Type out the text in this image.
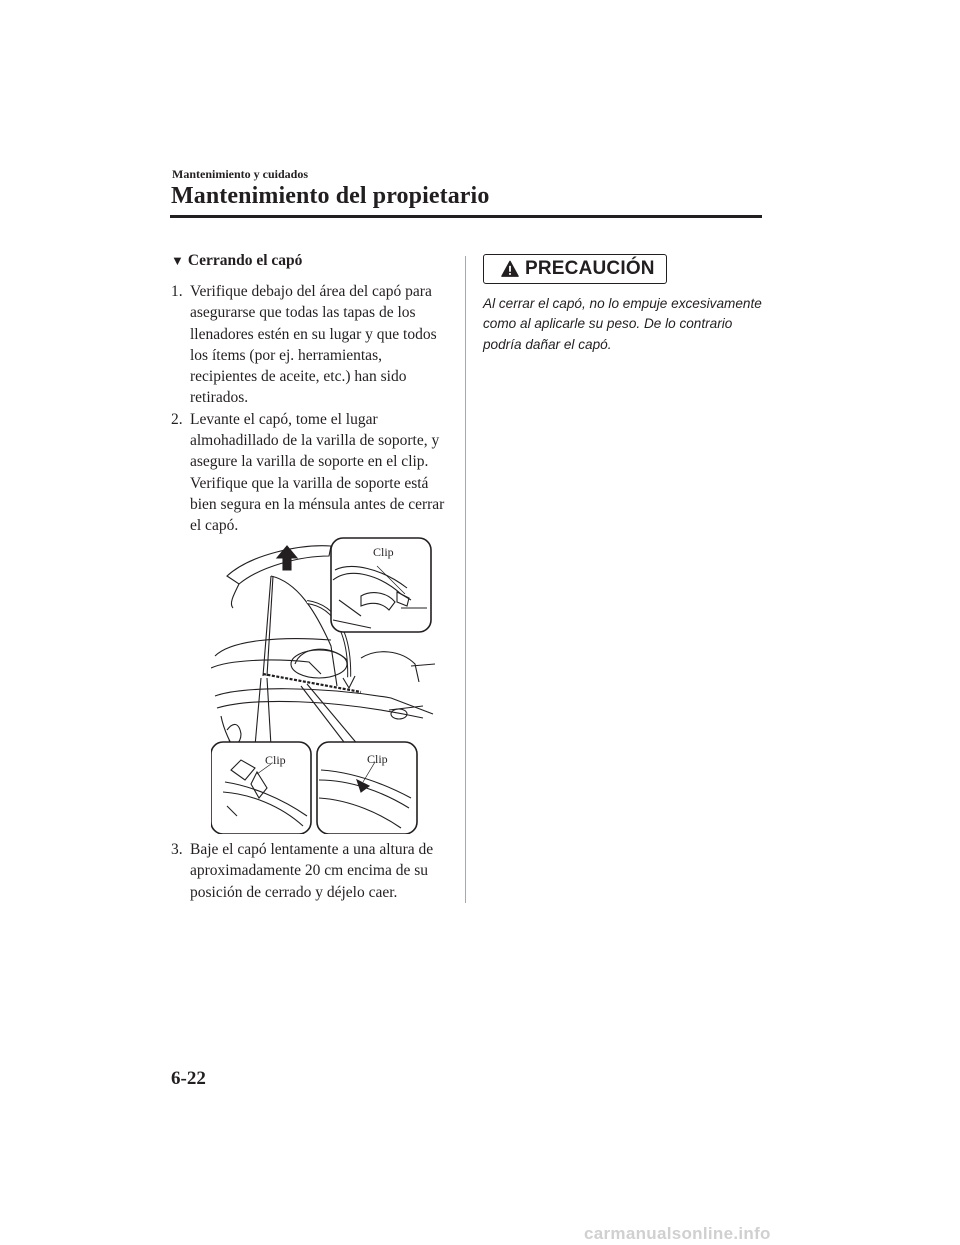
Mantenimiento y cuidados
Mantenimiento del propietario
▼ Cerrando el capó

1. Verifique debajo del área del capó para asegurarse que todas las tapas de los llenadores estén en su lugar y que todos los ítems (por ej. herramientas, recipientes de aceite, etc.) han sido retirados.

2. Levante el capó, tome el lugar almohadillado de la varilla de soporte, y asegure la varilla de soporte en el clip. Verifique que la varilla de soporte está bien segura en la ménsula antes de cerrar el capó.

Clip
Clip	Clip

3. Baje el capó lentamente a una altura de aproximadamente 20 cm encima de su posición de cerrado y déjelo caer.

PRECAUCIÓN
Al cerrar el capó, no lo empuje excesivamente como al aplicarle su peso. De lo contrario podría dañar el capó.
6-22
carmanualsonline.info
